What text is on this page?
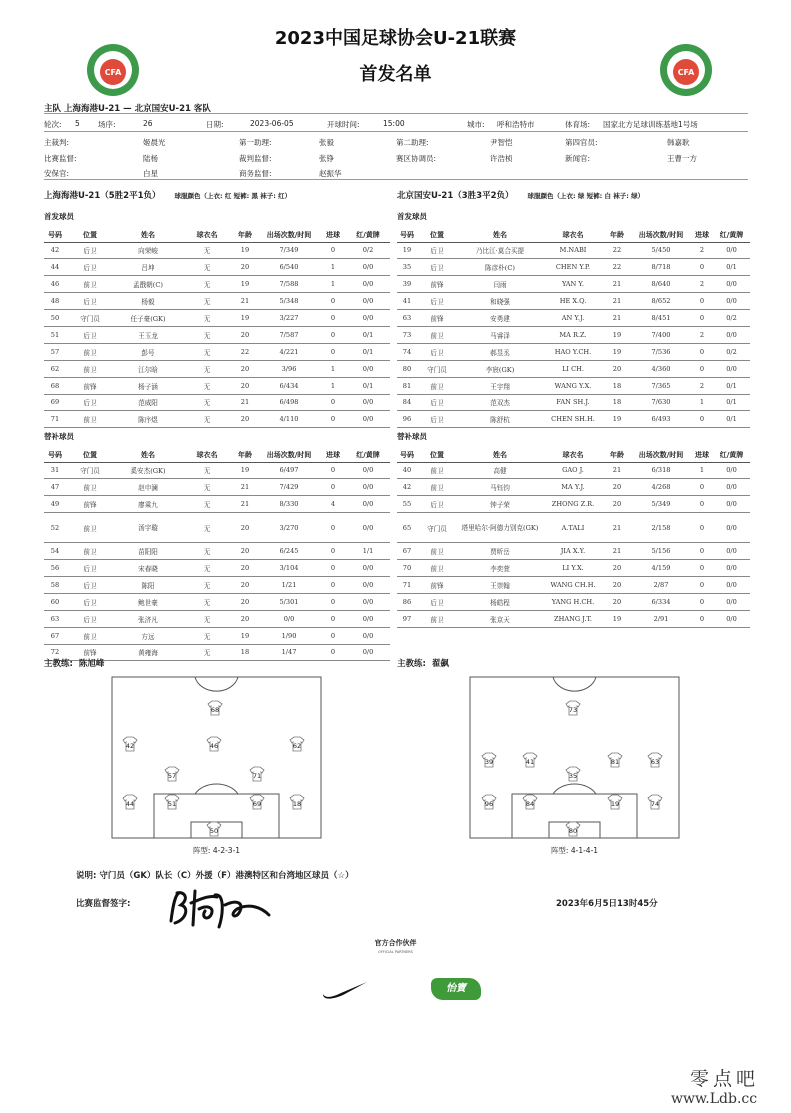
CFA	CFA
2023中国足球协会U-21联赛
首发名单
主队 上海海港U-21 — 北京国安U-21 客队
轮次: 5 场序:	26	日期:	2023-06-05	开球时间:	15:00	城市: 呼和浩特市	体育场: 国家北方足球训练基地1号场
主裁判:	姬晨光	第一助理:	张毅	第二助理:	尹智恺	第四官员:	韩嘉耿
比赛监督:	陆杨	裁判监督:	张铮	赛区协调员:	许浩桢	新闻官:	王曹一方
安保官:	白星	商务监督:	赵振华
上海海港U-21（5胜2平1负） 球服颜色（上衣: 红 短裤: 黑 袜子: 红）	北京国安U-21（3胜3平2负） 球服颜色（上衣: 绿 短裤: 白 袜子: 绿）
首发球员	首发球员
号码	位置	姓名	球衣名	年龄	出场次数/时间	进球	红/黄牌
42	后卫	向荣峻	无	19	7/349	0	0/2
44	后卫	吕坤	无	20	6/540	1	0/0
46	前卫	孟戬朝(C)	无	19	7/588	1	0/0
48	后卫	杨毅	无	21	5/348	0	0/0
50	守门员	任子豪(GK)	无	19	3/227	0	0/0
51	后卫	王玉龙	无	20	7/587	0	0/1
57	前卫	彭号	无	22	4/221	0	0/1
62	前卫	江尔晗	无	20	3/96	1	0/0
68	前锋	杨子涵	无	20	6/434	1	0/1
69	后卫	范威阳	无	21	6/498	0	0/0
71	前卫	陈序煜	无	20	4/110	0	0/0
号码	位置	姓名	球衣名	年龄	出场次数/时间	进球	红/黄牌
19	后卫	乃比江·莫合买提	M.NABI	22	5/450	2	0/0
35	后卫	陈彦朴(C)	CHEN Y.P.	22	8/718	0	0/1
39	前锋	闫雨	YAN Y.	21	8/640	2	0/0
41	后卫	和晓强	HE X.Q.	21	8/652	0	0/0
63	前锋	安勇建	AN Y.J.	21	8/451	0	0/2
73	前卫	马睿泽	MA R.Z.	19	7/400	2	0/0
74	后卫	郝昱丞	HAO Y.CH.	19	7/536	0	0/2
80	守门员	李宸(GK)	LI CH.	20	4/360	0	0/0
81	前卫	王宇翔	WANG Y.X.	18	7/365	2	0/1
84	后卫	范双杰	FAN SH.J.	18	7/630	1	0/1
96	后卫	陈舒杭	CHEN SH.H.	19	6/493	0	0/1
替补球员	替补球员
号码	位置	姓名	球衣名	年龄	出场次数/时间	进球	红/黄牌
31	守门员	奚安杰(GK)	无	19	6/497	0	0/0
47	前卫	赵申澜	无	21	7/429	0	0/0
49	前锋	廖乘九	无	21	8/330	4	0/0
52	前卫	汤宇璇	无	20	3/270	0	0/0
54	前卫	苗阳阳	无	20	6/245	0	1/1
56	后卫	宋春晓	无	20	3/104	0	0/0
58	后卫	陈阳	无	20	1/21	0	0/0
60	后卫	鲍世豪	无	20	5/301	0	0/0
63	后卫	张济凡	无	20	0/0	0	0/0
67	前卫	方远	无	19	1/90	0	0/0
72	前锋	黄雍海	无	18	1/47	0	0/0
号码	位置	姓名	球衣名	年龄	出场次数/时间	进球	红/黄牌
40	前卫	高健	GAO J.	21	6/318	1	0/0
42	前卫	马钰钧	MA Y.J.	20	4/268	0	0/0
55	后卫	钟子荣	ZHONG Z.R.	20	5/349	0	0/0
65	守门员	塔里哈尔·阿德力别克(GK)	A.TALI	21	2/158	0	0/0
67	前卫	贾昕岳	JIA X.Y.	21	5/156	0	0/0
70	前卫	李奕萱	LI Y.X.	20	4/159	0	0/0
71	前锋	王崇翰	WANG CH.H.	20	2/87	0	0/0
86	后卫	杨皓程	YANG H.CH.	20	6/334	0	0/0
97	前卫	张京天	ZHANG J.T.	19	2/91	0	0/0
主教练: 陈旭峰	主教练: 翟飙
68
42	46	62
57	71
44	51	69	18
50
73
39	41	81	63
35
96	84	19	74
80
阵型: 4-2-3-1	阵型: 4-1-4-1
说明: 守门员（GK）队长（C）外援（F）港澳特区和台湾地区球员（☆）
比赛监督签字:	2023年6月5日13时45分
官方合作伙伴
OFFICIAL PARTNERS
怡寶
零点吧
www.Ldb.cc
